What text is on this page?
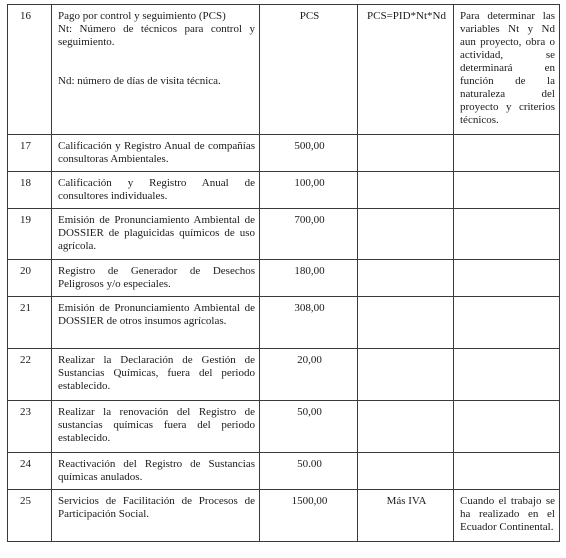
16	Pago por control y seguimiento (PCS)
Nt: Número de técnicos para control y seguimiento.
Nd: número de días de visita técnica.	PCS	PCS=PID*Nt*Nd	Para determinar las variables Nt y Nd aun proyecto, obra o actividad, se determinará en función de la naturaleza del proyecto y criterios técnicos.
17	Calificación y Registro Anual de compañías consultoras Ambientales.	500,00		
18	Calificación y Registro Anual de consultores individuales.	100,00		
19	Emisión de Pronunciamiento Ambiental de DOSSIER de plaguicidas químicos de uso agrícola.	700,00		
20	Registro de Generador de Desechos Peligrosos y/o especiales.	180,00		
21	Emisión de Pronunciamiento Ambiental de DOSSIER de otros insumos agrícolas.	308,00		
22	Realizar la Declaración de Gestión de Sustancias Químicas, fuera del periodo establecido.	20,00		
23	Realizar la renovación del Registro de sustancias químicas fuera del periodo establecido.	50,00		
24	Reactivación del Registro de Sustancias químicas anulados.	50.00		
25	Servicios de Facilitación de Procesos de Participación Social.	1500,00	Más IVA	Cuando el trabajo se ha realizado en el Ecuador Continental.
